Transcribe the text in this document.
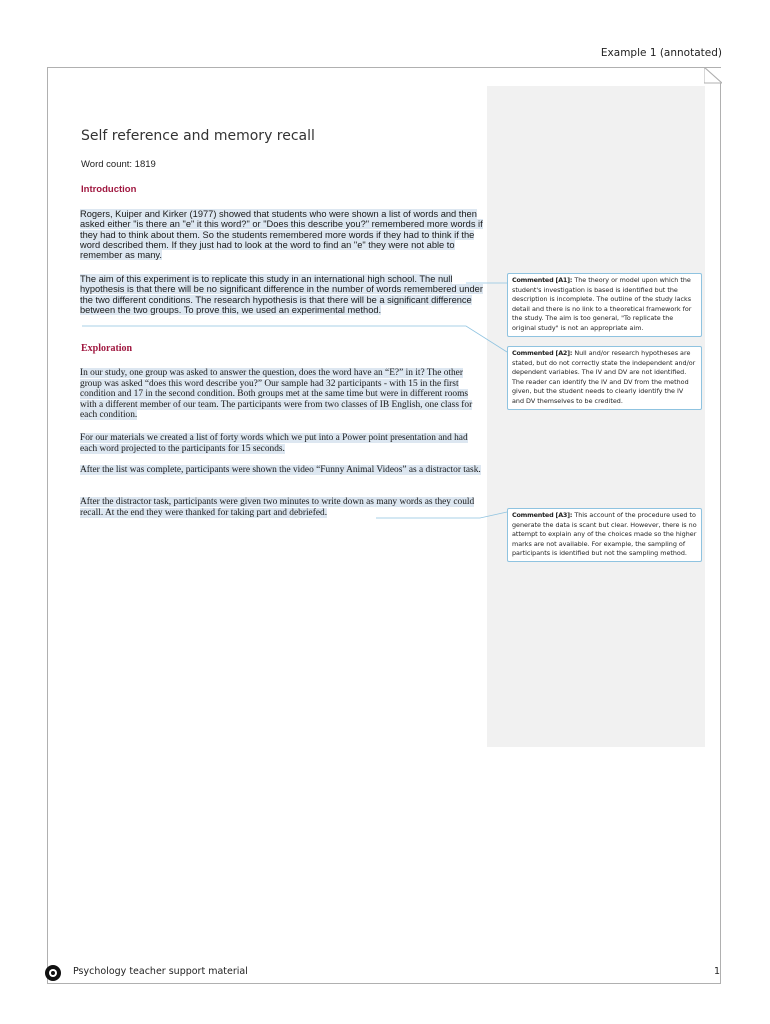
Example 1 (annotated)
Self reference and memory recall
Word count: 1819
Introduction
Rogers, Kuiper and Kirker (1977) showed that students who were shown a list of words and then asked either "is there an "e" it this word?" or "Does this describe you?" remembered more words if they had to think about them. So the students remembered more words if they had to think if the word described them. If they just had to look at the word to find an "e" they were not able to remember as many.
The aim of this experiment is to replicate this study in an international high school. The null hypothesis is that there will be no significant difference in the number of words remembered under the two different conditions. The research hypothesis is that there will be a significant difference between the two groups. To prove this, we used an experimental method.
Exploration
In our study, one group was asked to answer the question, does the word have an “E?” in it? The other group was asked “does this word describe you?” Our sample had 32 participants - with 15 in the first condition and 17 in the second condition. Both groups met at the same time but were in different rooms with a different member of our team. The participants were from two classes of IB English, one class for each condition.
For our materials we created a list of forty words which we put into a Power point presentation and had each word projected to the participants for 15 seconds.
After the list was complete, participants were shown the video “Funny Animal Videos” as a distractor task.
After the distractor task, participants were given two minutes to write down as many words as they could recall. At the end they were thanked for taking part and debriefed.
Commented [A1]: The theory or model upon which the student's investigation is based is identified but the description is incomplete. The outline of the study lacks detail and there is no link to a theoretical framework for the study. The aim is too general, "To replicate the original study" is not an appropriate aim.
Commented [A2]: Null and/or research hypotheses are stated, but do not correctly state the independent and/or dependent variables. The IV and DV are not identified. The reader can identify the IV and DV from the method given, but the student needs to clearly identify the IV and DV themselves to be credited.
Commented [A3]: This account of the procedure used to generate the data is scant but clear. However, there is no attempt to explain any of the choices made so the higher marks are not available. For example, the sampling of participants is identified but not the sampling method.
Psychology teacher support material	1
